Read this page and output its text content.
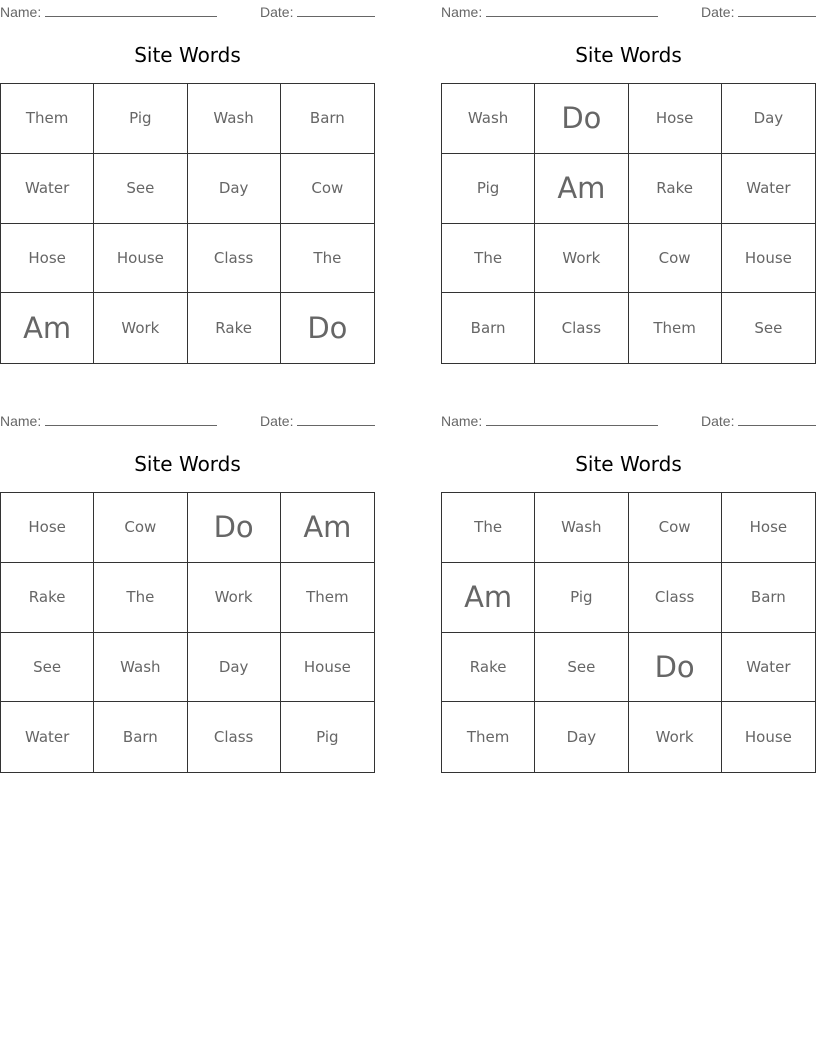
Name:	Date:
Site Words
Them	Pig	Wash	Barn
Water	See	Day	Cow
Hose	House	Class	The
Am	Work	Rake	Do
Name:	Date:
Site Words
Wash	Do	Hose	Day
Pig	Am	Rake	Water
The	Work	Cow	House
Barn	Class	Them	See
Name:	Date:
Site Words
Hose	Cow	Do	Am
Rake	The	Work	Them
See	Wash	Day	House
Water	Barn	Class	Pig
Name:	Date:
Site Words
The	Wash	Cow	Hose
Am	Pig	Class	Barn
Rake	See	Do	Water
Them	Day	Work	House
